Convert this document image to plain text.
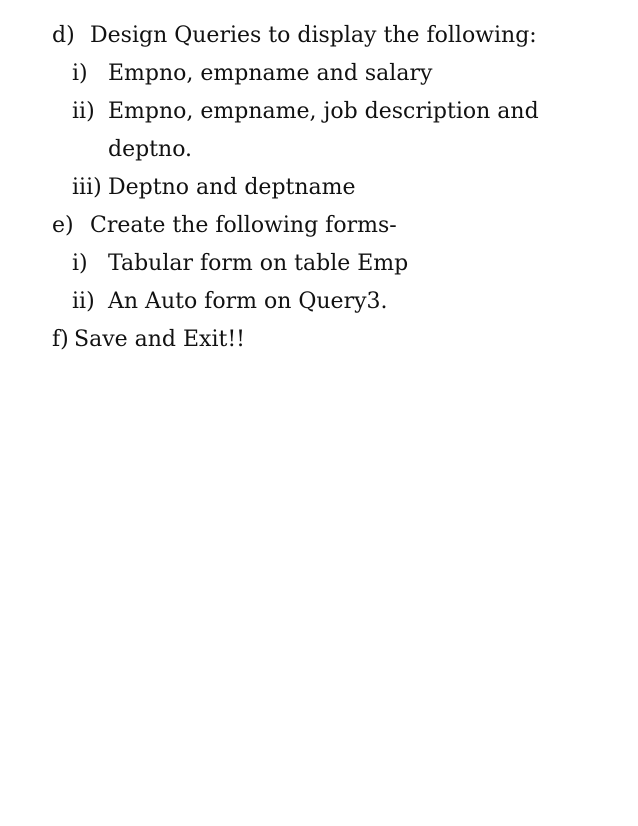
d) Design Queries to display the following:
i) Empno, empname and salary
ii) Empno, empname, job description and
deptno.
iii) Deptno and deptname
e) Create the following forms-
i) Tabular form on table Emp
ii) An Auto form on Query3.
f) Save and Exit!!
